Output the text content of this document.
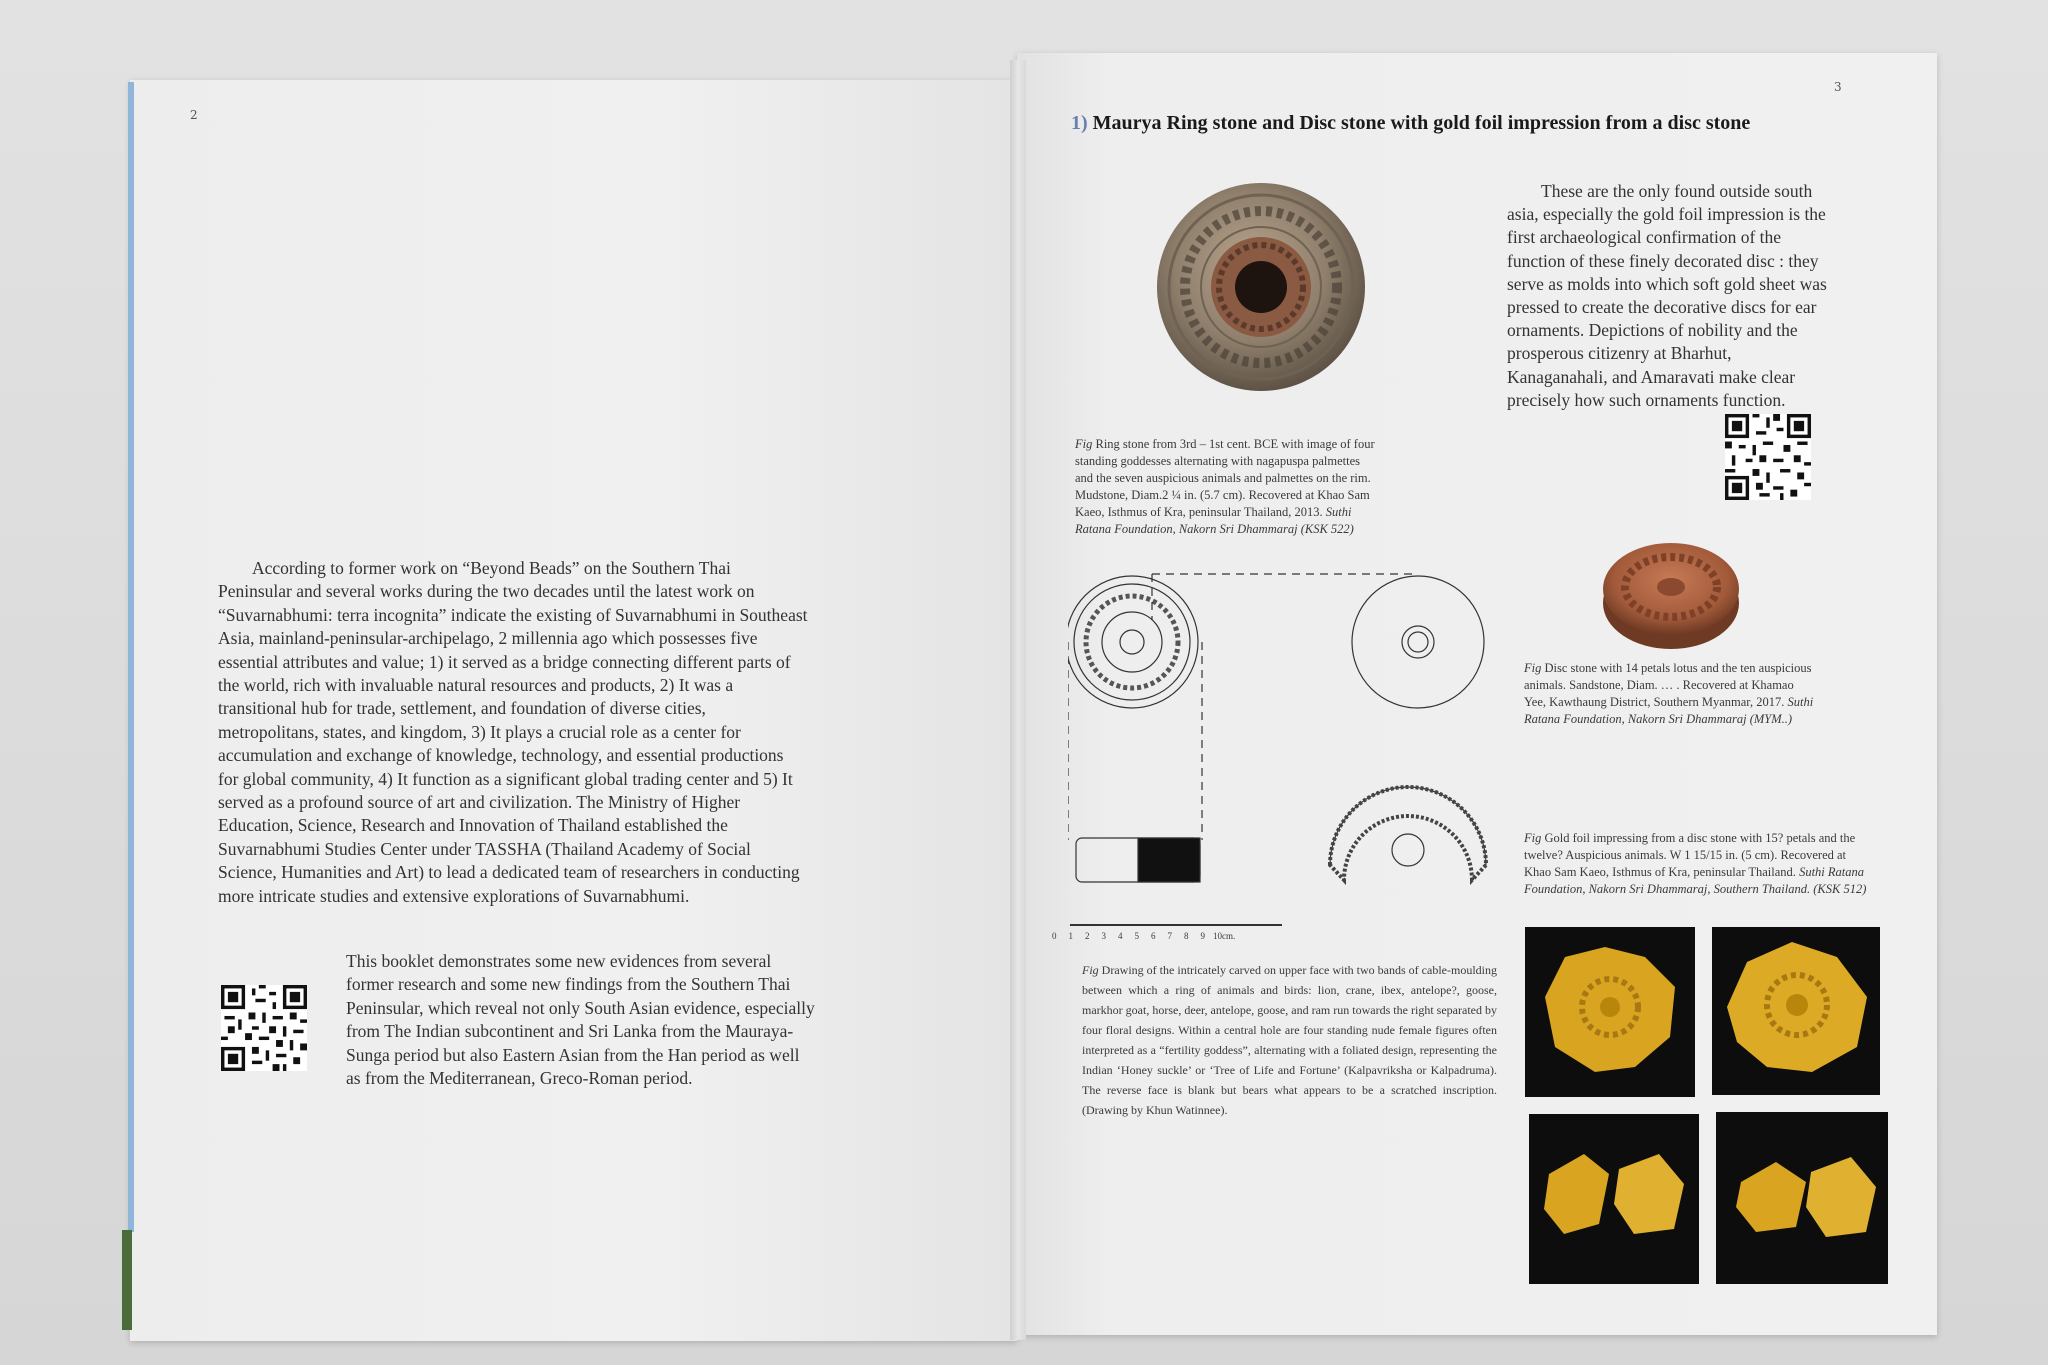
2

According to former work on “Beyond Beads” on the Southern Thai Peninsular and several works during the two decades until the latest work on “Suvarnabhumi: terra incognita” indicate the existing of Suvarnabhumi in Southeast Asia, mainland-peninsular-archipelago, 2 millennia ago which possesses five essential attributes and value; 1) it served as a bridge connecting different parts of the world, rich with invaluable natural resources and products, 2) It was a transitional hub for trade, settlement, and foundation of diverse cities, metropolitans, states, and kingdom, 3) It plays a crucial role as a center for accumulation and exchange of knowledge, technology, and essential productions for global community, 4) It function as a significant global trading center and 5) It served as a profound source of art and civilization. The Ministry of Higher Education, Science, Research and Innovation of Thailand established the Suvarnabhumi Studies Center under TASSHA (Thailand Academy of Social Science, Humanities and Art) to lead a dedicated team of researchers in conducting more intricate studies and extensive explorations of Suvarnabhumi.

This booklet demonstrates some new evidences from several former research and some new findings from the Southern Thai Peninsular, which reveal not only South Asian evidence, especially from The Indian subcontinent and Sri Lanka from the Mauraya-Sunga period but also Eastern Asian from the Han period as well as from the Mediterranean, Greco-Roman period.

3
1) Maurya Ring stone and Disc stone with gold foil impression from a disc stone

These are the only found outside south asia, especially the gold foil impression is the first archaeological confirmation of the function of these finely decorated disc : they serve as molds into which soft gold sheet was pressed to create the decorative discs for ear ornaments. Depictions of nobility and the prosperous citizenry at Bharhut, Kanaganahali, and Amaravati make clear precisely how such ornaments function.

Fig Ring stone from 3rd – 1st cent. BCE with image of four standing goddesses alternating with nagapuspa palmettes and the seven auspicious animals and palmettes on the rim. Mudstone, Diam.2 ¼ in. (5.7 cm). Recovered at Khao Sam Kaeo, Isthmus of Kra, peninsular Thailand, 2013. Suthi Ratana Foundation, Nakorn Sri Dhammaraj (KSK 522)
Fig Disc stone with 14 petals lotus and the ten auspicious animals. Sandstone, Diam. … . Recovered at Khamao Yee, Kawthaung District, Southern Myanmar, 2017. Suthi Ratana Foundation, Nakorn Sri Dhammaraj (MYM..)
0 1 2 3 4 5 6 7 8 9 10cm.
Fig Drawing of the intricately carved on upper face with two bands of cable-moulding between which a ring of animals and birds: lion, crane, ibex, antelope?, goose, markhor goat, horse, deer, antelope, goose, and ram run towards the right separated by four floral designs. Within a central hole are four standing nude female figures often interpreted as a “fertility goddess”, alternating with a foliated design, representing the Indian ‘Honey suckle’ or ‘Tree of Life and Fortune’ (Kalpavriksha or Kalpadruma). The reverse face is blank but bears what appears to be a scratched inscription. (Drawing by Khun Watinnee).
Fig Gold foil impressing from a disc stone with 15? petals and the twelve? Auspicious animals. W 1 15/15 in. (5 cm). Recovered at Khao Sam Kaeo, Isthmus of Kra, peninsular Thailand. Suthi Ratana Foundation, Nakorn Sri Dhammaraj, Southern Thailand. (KSK 512)
